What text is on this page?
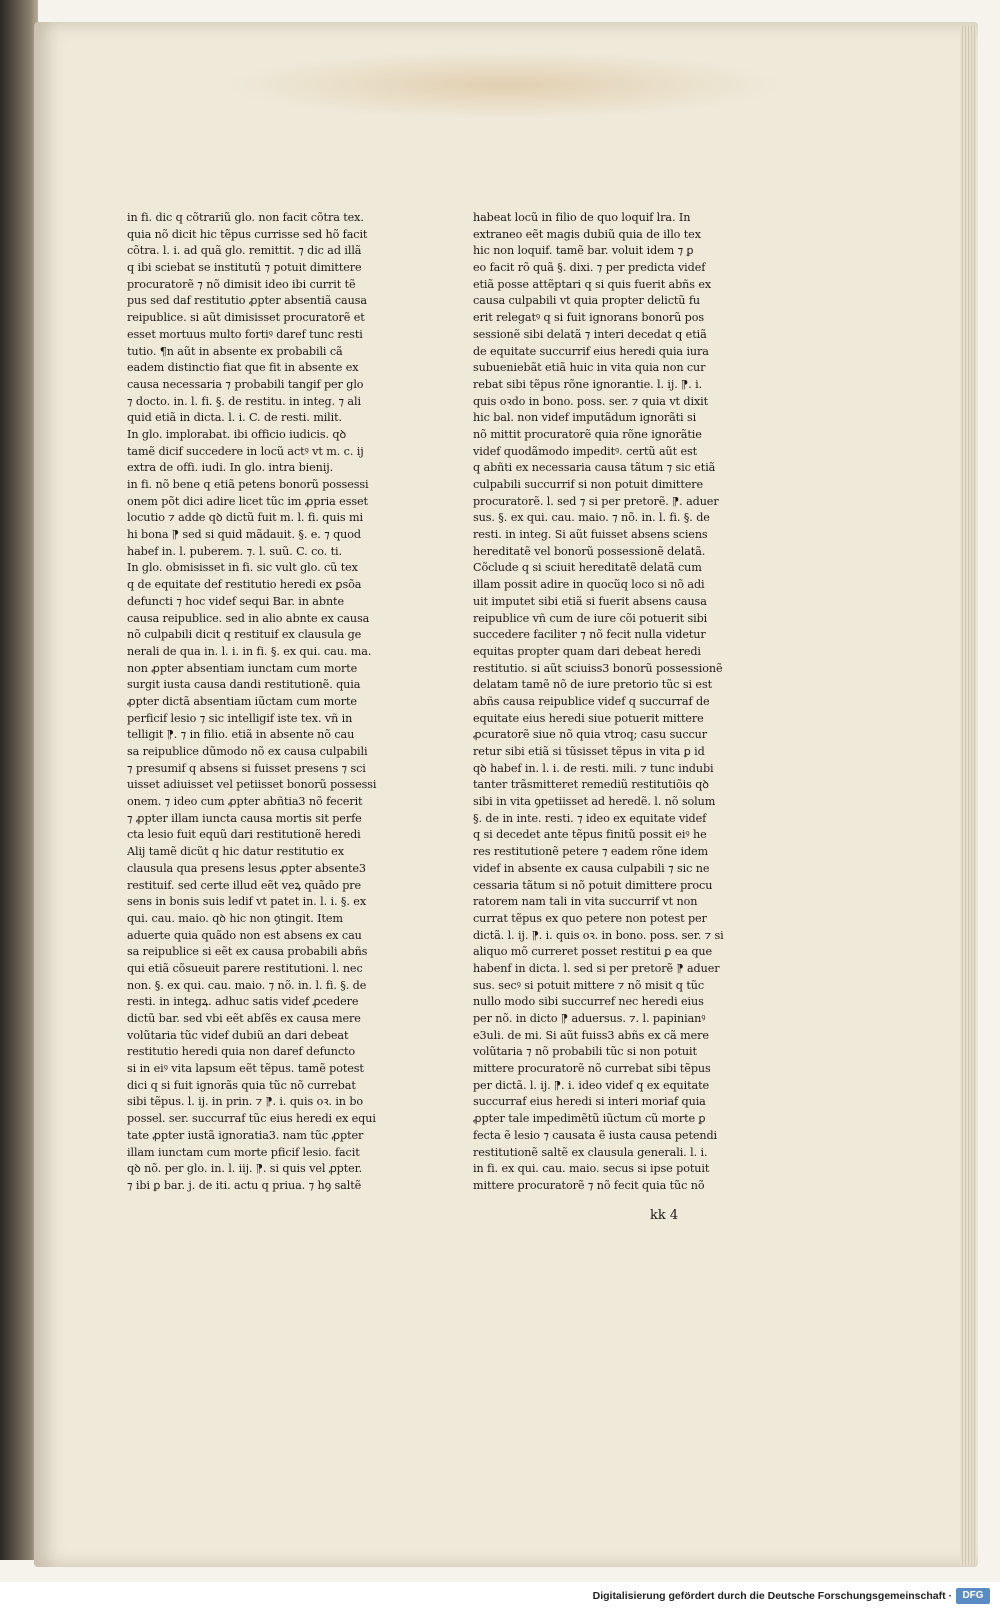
in fi. dic q cõtrariũ glo. non facit cõtra tex.
quia nõ dicit hic tẽpus currisse sed hõ facit
cõtra. l. i. ad quã glo. remittit. ⁊ dic ad illã
q ibi sciebat se institutũ ⁊ potuit dimittere
procuratorẽ ⁊ nõ dimisit ideo ibi currit tẽ
pus sed daf restitutio ꝓpter absentiã causa
reipublice. si aũt dimisisset procuratorẽ et
esset mortuus multo fortiꝰ daref tunc resti
tutio. ¶n aũt in absente ex probabili cã
eadem distinctio fiat que fit in absente ex
causa necessaria ⁊ probabili tangif per glo
⁊ docto. in. l. fi. §. de restitu. in integ. ⁊ ali
quid etiã in dicta. l. i. C. de resti. milit.
In glo. implorabat. ibi officio iudicis. qꝺ
tamẽ dicif succedere in locũ actꝰ vt m. c. ij
extra de offi. iudi. In glo. intra bienij.
in fi. nõ bene q etiã petens bonorũ possessi
onem põt dici adire licet tũc im ꝓpria esset
locutio ⁊ adde qꝺ dictũ fuit m. l. fi. quis mi
hi bona ⁋ sed si quid mãdauit. §. e. ⁊ quod
habef in. l. puberem. ⁊. l. suũ. C. co. ti.
In glo. obmisisset in fi. sic vult glo. cũ tex
q de equitate def restitutio heredi ex ꝑsõa
defuncti ⁊ hoc videf sequi Bar. in abnte
causa reipublice. sed in alio abnte ex causa
nõ culpabili dicit q restituif ex clausula ge
nerali de qua in. l. i. in fi. §. ex qui. cau. ma.
non ꝓpter absentiam iunctam cum morte
surgit iusta causa dandi restitutionẽ. quia
ꝓpter dictã absentiam iũctam cum morte
perficif lesio ⁊ sic intelligif iste tex. vñ in
telligit ⁋. ⁊ in filio. etiã in absente nõ cau
sa reipublice dũmodo nõ ex causa culpabili
⁊ presumif q absens si fuisset presens ⁊ sci
uisset adiuisset vel petiisset bonorũ possessi
onem. ⁊ ideo cum ꝓpter abñtia3 nõ fecerit
⁊ ꝓpter illam iuncta causa mortis sit perfe
cta lesio fuit equũ dari restitutionẽ heredi
Alij tamẽ dicũt q hic datur restitutio ex
clausula qua presens lesus ꝓpter absente3
restituif. sed certe illud eẽt veꝝ quãdo pre
sens in bonis suis ledif vt patet in. l. i. §. ex
qui. cau. maio. qꝺ hic non ꝯtingit. Item
aduerte quia quãdo non est absens ex cau
sa reipublice si eẽt ex causa probabili abñs
qui etiã cõsueuit parere restitutioni. l. nec
non. §. ex qui. cau. maio. ⁊ nõ. in. l. fi. §. de
resti. in integꝝ. adhuc satis videf ꝓcedere
dictũ bar. sed vbi eẽt abſẽs ex causa mere
volũtaria tũc videf dubiũ an dari debeat
restitutio heredi quia non daref defuncto
si in eiꝰ vita lapsum eẽt tẽpus. tamẽ potest
dici q si fuit ignorãs quia tũc nõ currebat
sibi tẽpus. l. ij. in prin. ⁊ ⁋. i. quis oꝛ. in bo
possel. ser. succurraf tũc eius heredi ex equi
tate ꝓpter iustã ignoratia3. nam tũc ꝓpter
illam iunctam cum morte pficif lesio. facit
qꝺ nõ. per glo. in. l. iij. ⁋. si quis vel ꝓpter.
⁊ ibi ꝑ bar. j. de iti. actu q priua. ⁊ hꝯ saltẽ
habeat locũ in filio de quo loquif lra. In
extraneo eẽt magis dubiũ quia de illo tex
hic non loquif. tamẽ bar. voluit idem ⁊ ꝑ
eo facit rõ quã §. dixi. ⁊ per predicta videf
etiã posse attẽptari q si quis fuerit abñs ex
causa culpabili vt quia propter delictũ fu
erit relegatꝰ q si fuit ignorans bonorũ pos
sessionẽ sibi delatã ⁊ interi decedat q etiã
de equitate succurrif eius heredi quia iura
subueniebãt etiã huic in vita quia non cur
rebat sibi tẽpus rõne ignorantie. l. ij. ⁋. i.
quis oꝛdo in bono. poss. ser. ⁊ quia vt dixit
hic bal. non videf imputãdum ignorãti si
nõ mittit procuratorẽ quia rõne ignorãtie
videf quodãmodo impeditꝰ. certũ aũt est
q abñti ex necessaria causa tãtum ⁊ sic etiã
culpabili succurrif si non potuit dimittere
procuratorẽ. l. sed ⁊ si per pretorẽ. ⁋. aduer
sus. §. ex qui. cau. maio. ⁊ nõ. in. l. fi. §. de
resti. in integ. Si aũt fuisset absens sciens
hereditatẽ vel bonorũ possessionẽ delatã.
Cõclude q si sciuit hereditatẽ delatã cum
illam possit adire in quocũq loco si nõ adi
uit imputet sibi etiã si fuerit absens causa
reipublice vñ cum de iure cõi potuerit sibi
succedere faciliter ⁊ nõ fecit nulla videtur
equitas propter quam dari debeat heredi
restitutio. si aũt sciuiss3 bonorũ possessionẽ
delatam tamẽ nõ de iure pretorio tũc si est
abñs causa reipublice videf q succurraf de
equitate eius heredi siue potuerit mittere
ꝓcuratorẽ siue nõ quia vtroq; casu succur
retur sibi etiã si tũsisset tẽpus in vita ꝑ id
qꝺ habef in. l. i. de resti. mili. ⁊ tunc indubi
tanter trãsmitteret remediũ restitutiõis qꝺ
sibi in vita ꝯpetiisset ad heredẽ. l. nõ solum
§. de in inte. resti. ⁊ ideo ex equitate videf
q si decedet ante tẽpus finitũ possit eiꝰ he
res restitutionẽ petere ⁊ eadem rõne idem
videf in absente ex causa culpabili ⁊ sic ne
cessaria tãtum si nõ potuit dimittere procu
ratorem nam tali in vita succurrif vt non
currat tẽpus ex quo petere non potest per
dictã. l. ij. ⁋. i. quis oꝛ. in bono. poss. ser. ⁊ si
aliquo mõ curreret posset restitui ꝑ ea que
habenf in dicta. l. sed si per pretorẽ ⁋ aduer
sus. secꝰ si potuit mittere ⁊ nõ misit q tũc
nullo modo sibi succurref nec heredi eius
per nõ. in dicto ⁋ aduersus. ⁊. l. papinianꝰ
e3uli. de mi. Si aũt fuiss3 abñs ex cã mere
volũtaria ⁊ nõ probabili tũc si non potuit
mittere procuratorẽ nõ currebat sibi tẽpus
per dictã. l. ij. ⁋. i. ideo videf q ex equitate
succurraf eius heredi si interi moriaf quia
ꝓpter tale impedimẽtũ iũctum cũ morte ꝑ
fecta ẽ lesio ⁊ causata ẽ iusta causa petendi
restitutionẽ saltẽ ex clausula generali. l. i.
in fi. ex qui. cau. maio. secus si ipse potuit
mittere procuratorẽ ⁊ nõ fecit quia tũc nõ
kk 4
Digitalisierung gefördert durch die Deutsche Forschungsgemeinschaft ·	DFG
